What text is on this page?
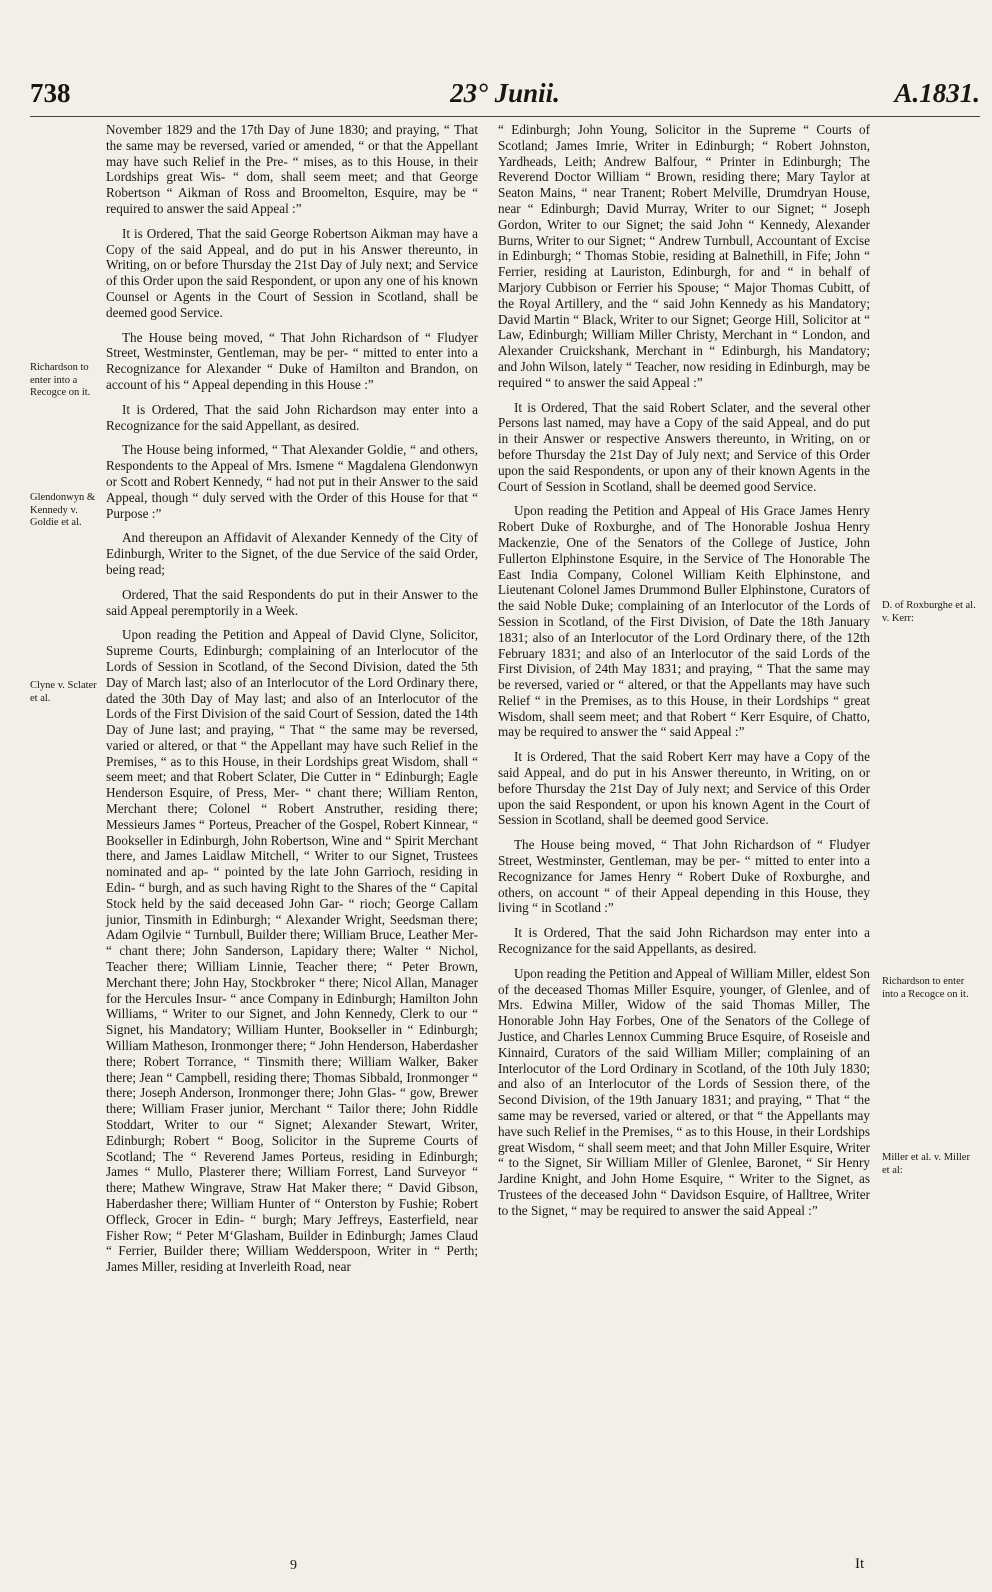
738	23° Junii.	A.1831.
Richardson to enter into a Recogce on it.
Glendonwyn & Kennedy v. Goldie et al.
Clyne v. Sclater et al.
D. of Roxburghe et al. v. Kerr:
Richardson to enter into a Recogce on it.
Miller et al. v. Miller et al:

November 1829 and the 17th Day of June 1830; and praying, “ That the same may be reversed, varied or amended, “ or that the Appellant may have such Relief in the Pre- “ mises, as to this House, in their Lordships great Wis- “ dom, shall seem meet; and that George Robertson “ Aikman of Ross and Broomelton, Esquire, may be “ required to answer the said Appeal :”

It is Ordered, That the said George Robertson Aikman may have a Copy of the said Appeal, and do put in his Answer thereunto, in Writing, on or before Thursday the 21st Day of July next; and Service of this Order upon the said Respondent, or upon any one of his known Counsel or Agents in the Court of Session in Scotland, shall be deemed good Service.

The House being moved, “ That John Richardson of “ Fludyer Street, Westminster, Gentleman, may be per- “ mitted to enter into a Recognizance for Alexander “ Duke of Hamilton and Brandon, on account of his “ Appeal depending in this House :”

It is Ordered, That the said John Richardson may enter into a Recognizance for the said Appellant, as desired.

The House being informed, “ That Alexander Goldie, “ and others, Respondents to the Appeal of Mrs. Ismene “ Magdalena Glendonwyn or Scott and Robert Kennedy, “ had not put in their Answer to the said Appeal, though “ duly served with the Order of this House for that “ Purpose :”

And thereupon an Affidavit of Alexander Kennedy of the City of Edinburgh, Writer to the Signet, of the due Service of the said Order, being read;

Ordered, That the said Respondents do put in their Answer to the said Appeal peremptorily in a Week.

Upon reading the Petition and Appeal of David Clyne, Solicitor, Supreme Courts, Edinburgh; complaining of an Interlocutor of the Lords of Session in Scotland, of the Second Division, dated the 5th Day of March last; also of an Interlocutor of the Lord Ordinary there, dated the 30th Day of May last; and also of an Interlocutor of the Lords of the First Division of the said Court of Session, dated the 14th Day of June last; and praying, “ That “ the same may be reversed, varied or altered, or that “ the Appellant may have such Relief in the Premises, “ as to this House, in their Lordships great Wisdom, shall “ seem meet; and that Robert Sclater, Die Cutter in “ Edinburgh; Eagle Henderson Esquire, of Press, Mer- “ chant there; William Renton, Merchant there; Colonel “ Robert Anstruther, residing there; Messieurs James “ Porteus, Preacher of the Gospel, Robert Kinnear, “ Bookseller in Edinburgh, John Robertson, Wine and “ Spirit Merchant there, and James Laidlaw Mitchell, “ Writer to our Signet, Trustees nominated and ap- “ pointed by the late John Garrioch, residing in Edin- “ burgh, and as such having Right to the Shares of the “ Capital Stock held by the said deceased John Gar- “ rioch; George Callam junior, Tinsmith in Edinburgh; “ Alexander Wright, Seedsman there; Adam Ogilvie “ Turnbull, Builder there; William Bruce, Leather Mer- “ chant there; John Sanderson, Lapidary there; Walter “ Nichol, Teacher there; William Linnie, Teacher there; “ Peter Brown, Merchant there; John Hay, Stockbroker “ there; Nicol Allan, Manager for the Hercules Insur- “ ance Company in Edinburgh; Hamilton John Williams, “ Writer to our Signet, and John Kennedy, Clerk to our “ Signet, his Mandatory; William Hunter, Bookseller in “ Edinburgh; William Matheson, Ironmonger there; “ John Henderson, Haberdasher there; Robert Torrance, “ Tinsmith there; William Walker, Baker there; Jean “ Campbell, residing there; Thomas Sibbald, Ironmonger “ there; Joseph Anderson, Ironmonger there; John Glas- “ gow, Brewer there; William Fraser junior, Merchant “ Tailor there; John Riddle Stoddart, Writer to our “ Signet; Alexander Stewart, Writer, Edinburgh; Robert “ Boog, Solicitor in the Supreme Courts of Scotland; The “ Reverend James Porteus, residing in Edinburgh; James “ Mullo, Plasterer there; William Forrest, Land Surveyor “ there; Mathew Wingrave, Straw Hat Maker there; “ David Gibson, Haberdasher there; William Hunter of “ Onterston by Fushie; Robert Offleck, Grocer in Edin- “ burgh; Mary Jeffreys, Easterfield, near Fisher Row; “ Peter M‘Glasham, Builder in Edinburgh; James Claud “ Ferrier, Builder there; William Wedderspoon, Writer in “ Perth; James Miller, residing at Inverleith Road, near

“ Edinburgh; John Young, Solicitor in the Supreme “ Courts of Scotland; James Imrie, Writer in Edinburgh; “ Robert Johnston, Yardheads, Leith; Andrew Balfour, “ Printer in Edinburgh; The Reverend Doctor William “ Brown, residing there; Mary Taylor at Seaton Mains, “ near Tranent; Robert Melville, Drumdryan House, near “ Edinburgh; David Murray, Writer to our Signet; “ Joseph Gordon, Writer to our Signet; the said John “ Kennedy, Alexander Burns, Writer to our Signet; “ Andrew Turnbull, Accountant of Excise in Edinburgh; “ Thomas Stobie, residing at Balnethill, in Fife; John “ Ferrier, residing at Lauriston, Edinburgh, for and “ in behalf of Marjory Cubbison or Ferrier his Spouse; “ Major Thomas Cubitt, of the Royal Artillery, and the “ said John Kennedy as his Mandatory; David Martin “ Black, Writer to our Signet; George Hill, Solicitor at “ Law, Edinburgh; William Miller Christy, Merchant in “ London, and Alexander Cruickshank, Merchant in “ Edinburgh, his Mandatory; and John Wilson, lately “ Teacher, now residing in Edinburgh, may be required “ to answer the said Appeal :”

It is Ordered, That the said Robert Sclater, and the several other Persons last named, may have a Copy of the said Appeal, and do put in their Answer or respective Answers thereunto, in Writing, on or before Thursday the 21st Day of July next; and Service of this Order upon the said Respondents, or upon any of their known Agents in the Court of Session in Scotland, shall be deemed good Service.

Upon reading the Petition and Appeal of His Grace James Henry Robert Duke of Roxburghe, and of The Honorable Joshua Henry Mackenzie, One of the Senators of the College of Justice, John Fullerton Elphinstone Esquire, in the Service of The Honorable The East India Company, Colonel William Keith Elphinstone, and Lieutenant Colonel James Drummond Buller Elphinstone, Curators of the said Noble Duke; complaining of an Interlocutor of the Lords of Session in Scotland, of the First Division, of Date the 18th January 1831; also of an Interlocutor of the Lord Ordinary there, of the 12th February 1831; and also of an Interlocutor of the said Lords of the First Division, of 24th May 1831; and praying, “ That the same may be reversed, varied or “ altered, or that the Appellants may have such Relief “ in the Premises, as to this House, in their Lordships “ great Wisdom, shall seem meet; and that Robert “ Kerr Esquire, of Chatto, may be required to answer the “ said Appeal :”

It is Ordered, That the said Robert Kerr may have a Copy of the said Appeal, and do put in his Answer thereunto, in Writing, on or before Thursday the 21st Day of July next; and Service of this Order upon the said Respondent, or upon his known Agent in the Court of Session in Scotland, shall be deemed good Service.

The House being moved, “ That John Richardson of “ Fludyer Street, Westminster, Gentleman, may be per- “ mitted to enter into a Recognizance for James Henry “ Robert Duke of Roxburghe, and others, on account “ of their Appeal depending in this House, they living “ in Scotland :”

It is Ordered, That the said John Richardson may enter into a Recognizance for the said Appellants, as desired.

Upon reading the Petition and Appeal of William Miller, eldest Son of the deceased Thomas Miller Esquire, younger, of Glenlee, and of Mrs. Edwina Miller, Widow of the said Thomas Miller, The Honorable John Hay Forbes, One of the Senators of the College of Justice, and Charles Lennox Cumming Bruce Esquire, of Roseisle and Kinnaird, Curators of the said William Miller; complaining of an Interlocutor of the Lord Ordinary in Scotland, of the 10th July 1830; and also of an Interlocutor of the Lords of Session there, of the Second Division, of the 19th January 1831; and praying, “ That “ the same may be reversed, varied or altered, or that “ the Appellants may have such Relief in the Premises, “ as to this House, in their Lordships great Wisdom, “ shall seem meet; and that John Miller Esquire, Writer “ to the Signet, Sir William Miller of Glenlee, Baronet, “ Sir Henry Jardine Knight, and John Home Esquire, “ Writer to the Signet, as Trustees of the deceased John “ Davidson Esquire, of Halltree, Writer to the Signet, “ may be required to answer the said Appeal :”

9	It
